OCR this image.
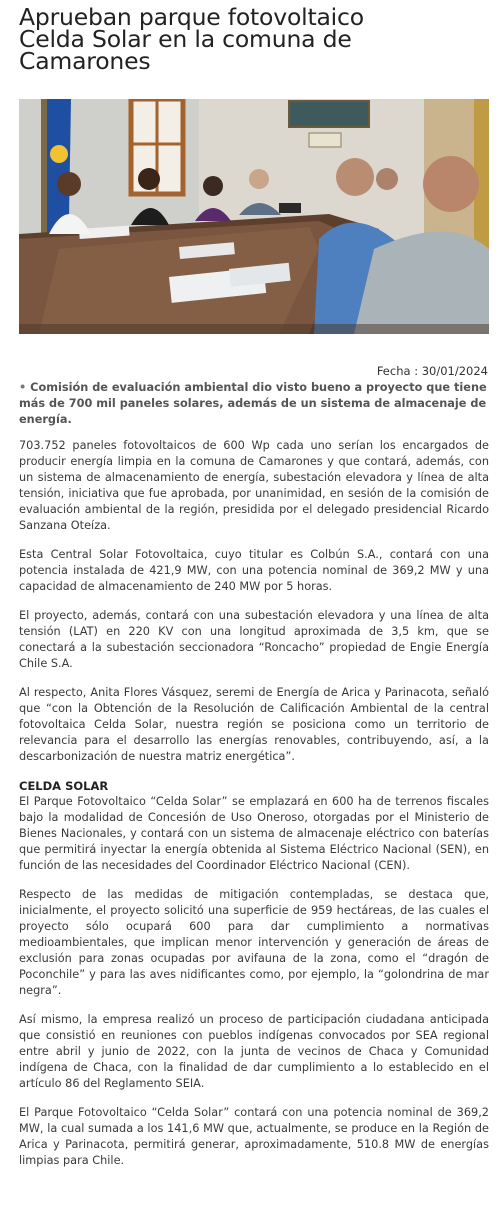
Aprueban parque fotovoltaico
Celda Solar en la comuna de
Camarones
Fecha : 30/01/2024
• Comisión de evaluación ambiental dio visto bueno a proyecto que tiene más de 700 mil paneles solares, además de un sistema de almacenaje de energía.

703.752 paneles fotovoltaicos de 600 Wp cada uno serían los encargados de producir energía limpia en la comuna de Camarones y que contará, además, con un sistema de almacenamiento de energía, subestación elevadora y línea de alta tensión, iniciativa que fue aprobada, por unanimidad, en sesión de la comisión de evaluación ambiental de la región, presidida por el delegado presidencial Ricardo Sanzana Oteíza.

Esta Central Solar Fotovoltaica, cuyo titular es Colbún S.A., contará con una potencia instalada de 421,9 MW, con una potencia nominal de 369,2 MW y una capacidad de almacenamiento de 240 MW por 5 horas.

El proyecto, además, contará con una subestación elevadora y una línea de alta tensión (LAT) en 220 KV con una longitud aproximada de 3,5 km, que se conectará a la subestación seccionadora “Roncacho” propiedad de Engie Energía Chile S.A.

Al respecto, Anita Flores Vásquez, seremi de Energía de Arica y Parinacota, señaló que “con la Obtención de la Resolución de Calificación Ambiental de la central fotovoltaica Celda Solar, nuestra región se posiciona como un territorio de relevancia para el desarrollo las energías renovables, contribuyendo, así, a la descarbonización de nuestra matriz energética”.

CELDA SOLAR

El Parque Fotovoltaico “Celda Solar” se emplazará en 600 ha de terrenos fiscales bajo la modalidad de Concesión de Uso Oneroso, otorgadas por el Ministerio de Bienes Nacionales, y contará con un sistema de almacenaje eléctrico con baterías que permitirá inyectar la energía obtenida al Sistema Eléctrico Nacional (SEN), en función de las necesidades del Coordinador Eléctrico Nacional (CEN).

Respecto de las medidas de mitigación contempladas, se destaca que, inicialmente, el proyecto solicitó una superficie de 959 hectáreas, de las cuales el proyecto sólo ocupará 600 para dar cumplimiento a normativas medioambientales, que implican menor intervención y generación de áreas de exclusión para zonas ocupadas por avifauna de la zona, como el “dragón de Poconchile” y para las aves nidificantes como, por ejemplo, la “golondrina de mar negra”.

Así mismo, la empresa realizó un proceso de participación ciudadana anticipada que consistió en reuniones con pueblos indígenas convocados por SEA regional entre abril y junio de 2022, con la junta de vecinos de Chaca y Comunidad indígena de Chaca, con la finalidad de dar cumplimiento a lo establecido en el artículo 86 del Reglamento SEIA.

El Parque Fotovoltaico “Celda Solar” contará con una potencia nominal de 369,2 MW, la cual sumada a los 141,6 MW que, actualmente, se produce en la Región de Arica y Parinacota, permitirá generar, aproximadamente, 510.8 MW de energías limpias para Chile.
